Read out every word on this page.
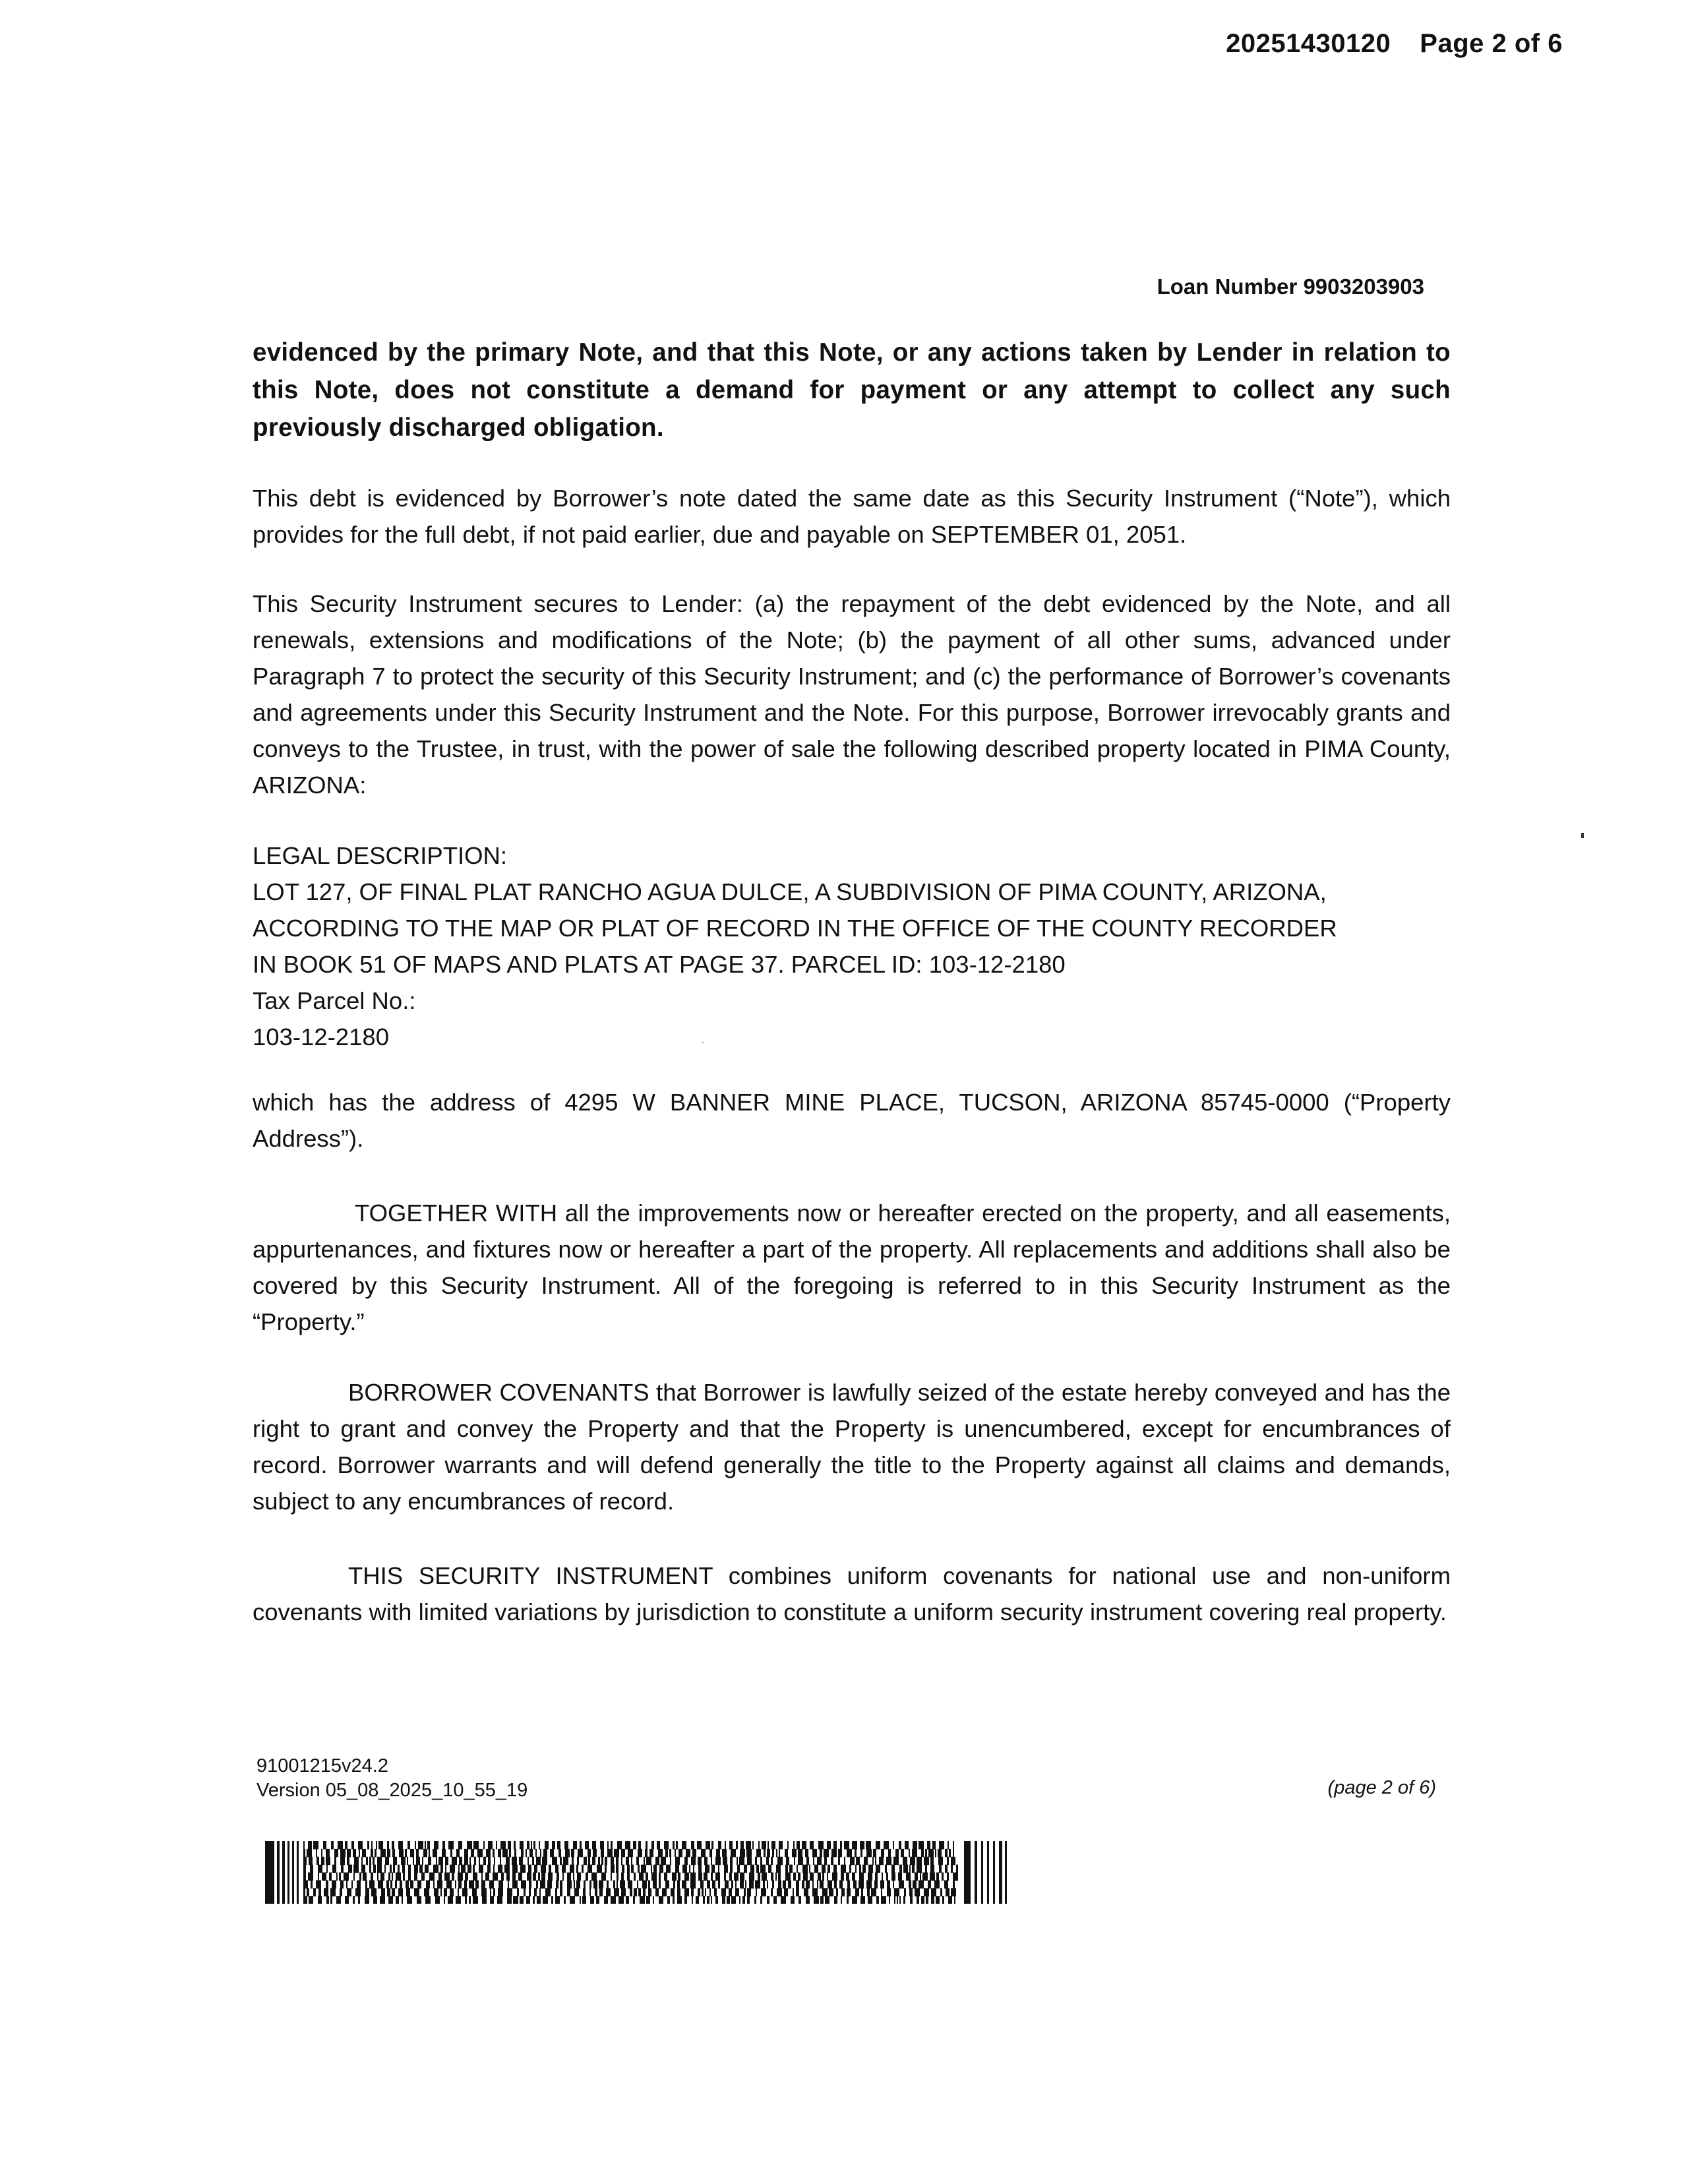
20251430120 Page 2 of 6
Loan Number 9903203903
evidenced by the primary Note, and that this Note, or any actions taken by Lender in relation to this Note, does not constitute a demand for payment or any attempt to collect any such previously discharged obligation.
This debt is evidenced by Borrower’s note dated the same date as this Security Instrument (“Note”), which provides for the full debt, if not paid earlier, due and payable on SEPTEMBER 01, 2051.
This Security Instrument secures to Lender: (a) the repayment of the debt evidenced by the Note, and all renewals, extensions and modifications of the Note; (b) the payment of all other sums, advanced under Paragraph 7 to protect the security of this Security Instrument; and (c) the performance of Borrower’s covenants and agreements under this Security Instrument and the Note. For this purpose, Borrower irrevocably grants and conveys to the Trustee, in trust, with the power of sale the following described property located in PIMA County, ARIZONA:
LEGAL DESCRIPTION:
LOT 127, OF FINAL PLAT RANCHO AGUA DULCE, A SUBDIVISION OF PIMA COUNTY, ARIZONA,
ACCORDING TO THE MAP OR PLAT OF RECORD IN THE OFFICE OF THE COUNTY RECORDER
IN BOOK 51 OF MAPS AND PLATS AT PAGE 37. PARCEL ID: 103-12-2180
Tax Parcel No.:
103-12-2180
which has the address of 4295 W BANNER MINE PLACE, TUCSON, ARIZONA 85745-0000 (“Property Address”).
TOGETHER WITH all the improvements now or hereafter erected on the property, and all easements, appurtenances, and fixtures now or hereafter a part of the property. All replacements and additions shall also be covered by this Security Instrument. All of the foregoing is referred to in this Security Instrument as the “Property.”
BORROWER COVENANTS that Borrower is lawfully seized of the estate hereby conveyed and has the right to grant and convey the Property and that the Property is unencumbered, except for encumbrances of record. Borrower warrants and will defend generally the title to the Property against all claims and demands, subject to any encumbrances of record.
THIS SECURITY INSTRUMENT combines uniform covenants for national use and non-uniform covenants with limited variations by jurisdiction to constitute a uniform security instrument covering real property.
91001215v24.2
Version 05_08_2025_10_55_19	(page 2 of 6)
